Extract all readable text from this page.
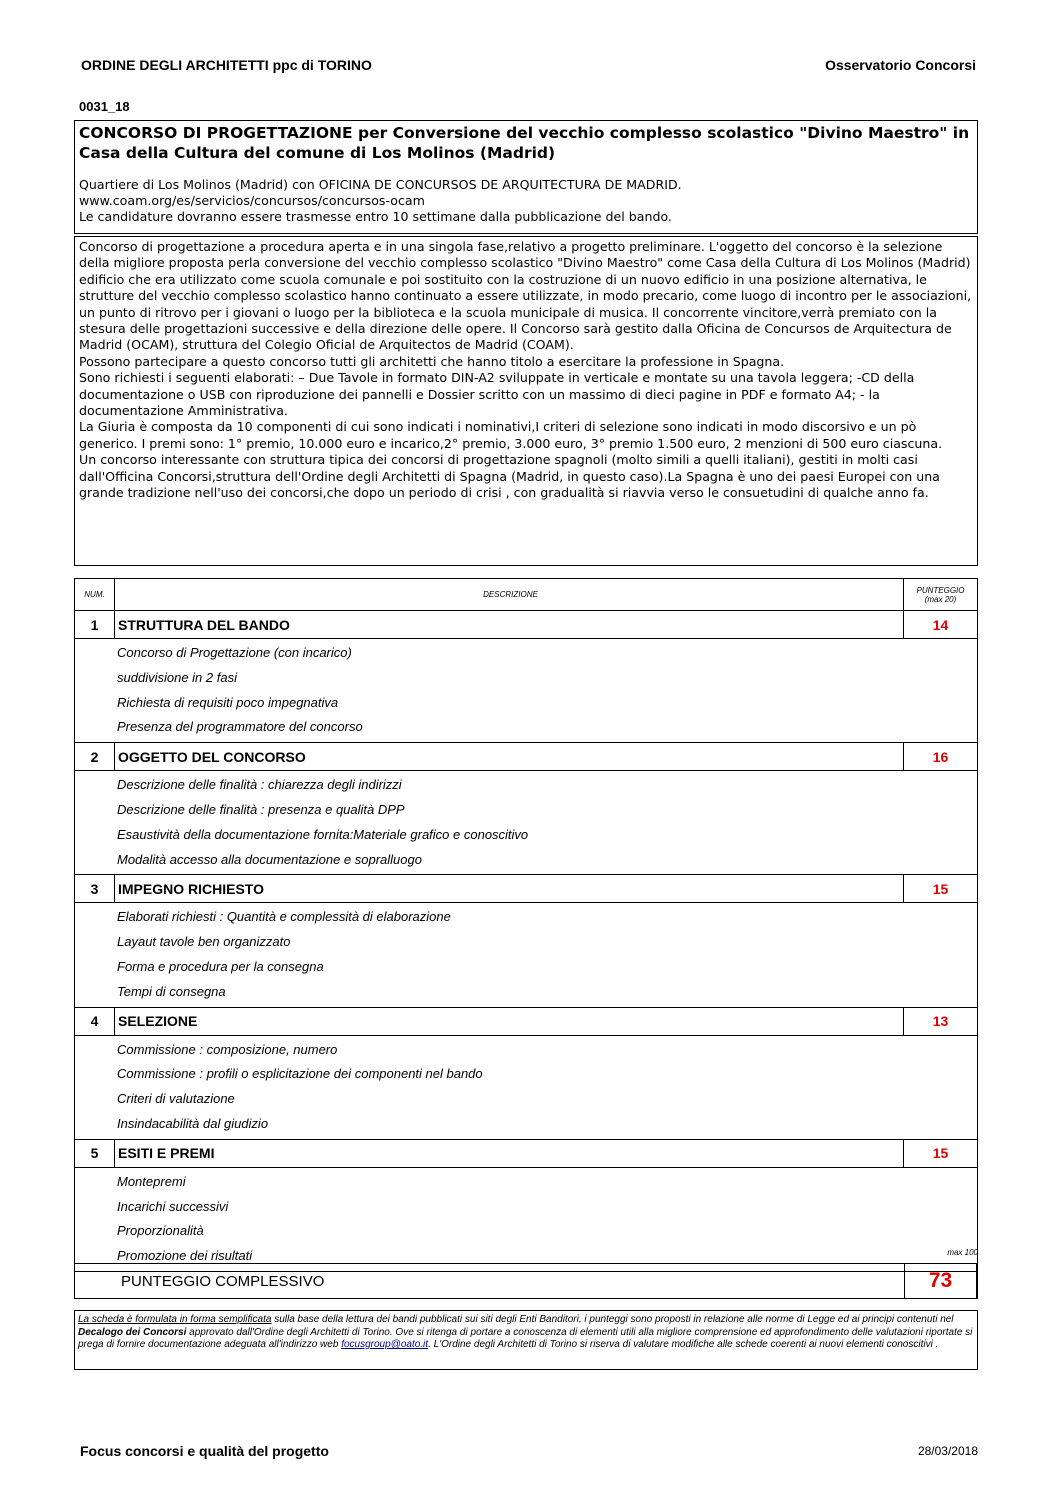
ORDINE DEGLI ARCHITETTI ppc di TORINO	Osservatorio Concorsi
0031_18
CONCORSO DI PROGETTAZIONE per Conversione del vecchio complesso scolastico "Divino Maestro" in Casa della Cultura del comune di Los Molinos (Madrid)
Quartiere di Los Molinos (Madrid) con OFICINA DE CONCURSOS DE ARQUITECTURA DE MADRID.
www.coam.org/es/servicios/concursos/concursos-ocam
Le candidature dovranno essere trasmesse entro 10 settimane dalla pubblicazione del bando.

Concorso di progettazione a procedura aperta e in una singola fase,relativo a progetto preliminare. L'oggetto del concorso è la selezione della migliore proposta perla conversione del vecchio complesso scolastico "Divino Maestro" come Casa della Cultura di Los Molinos (Madrid) edificio che era utilizzato come scuola comunale e poi sostituito con la costruzione di un nuovo edificio in una posizione alternativa, le strutture del vecchio complesso scolastico hanno continuato a essere utilizzate, in modo precario, come luogo di incontro per le associazioni, un punto di ritrovo per i giovani o luogo per la biblioteca e la scuola municipale di musica. Il concorrente vincitore,verrà premiato con la stesura delle progettazioni successive e della direzione delle opere. Il Concorso sarà gestito dalla Oficina de Concursos de Arquitectura de Madrid (OCAM), struttura del Colegio Oficial de Arquitectos de Madrid (COAM).

Possono partecipare a questo concorso tutti gli architetti che hanno titolo a esercitare la professione in Spagna.

Sono richiesti i seguenti elaborati: – Due Tavole in formato DIN-A2 sviluppate in verticale e montate su una tavola leggera; -CD della documentazione o USB con riproduzione dei pannelli e Dossier scritto con un massimo di dieci pagine in PDF e formato A4; - la documentazione Amministrativa.

La Giuria è composta da 10 componenti di cui sono indicati i nominativi,I criteri di selezione sono indicati in modo discorsivo e un pò generico. I premi sono: 1° premio, 10.000 euro e incarico,2° premio, 3.000 euro, 3° premio 1.500 euro, 2 menzioni di 500 euro ciascuna.

Un concorso interessante con struttura tipica dei concorsi di progettazione spagnoli (molto simili a quelli italiani), gestiti in molti casi dall'Officina Concorsi,struttura dell'Ordine degli Architetti di Spagna (Madrid, in questo caso).La Spagna è uno dei paesi Europei con una grande tradizione nell'uso dei concorsi,che dopo un periodo di crisi , con gradualità si riavvia verso le consuetudini di qualche anno fa.

NUM.	DESCRIZIONE	PUNTEGGIO
(max 20)
1	STRUTTURA DEL BANDO	14
Concorso di Progettazione (con incarico)
suddivisione in 2 fasi
Richiesta di requisiti poco impegnativa
Presenza del programmatore del concorso
2	OGGETTO DEL CONCORSO	16
Descrizione delle finalità : chiarezza degli indirizzi
Descrizione delle finalità : presenza e qualità DPP
Esaustività della documentazione fornita:Materiale grafico e conoscitivo
Modalità accesso alla documentazione e sopralluogo
3	IMPEGNO RICHIESTO	15
Elaborati richiesti : Quantità e complessità di elaborazione
Layaut tavole ben organizzato
Forma e procedura per la consegna
Tempi di consegna
4	SELEZIONE	13
Commissione : composizione, numero
Commissione : profili o esplicitazione dei componenti nel bando
Criteri di valutazione
Insindacabilità dal giudizio
5	ESITI E PREMI	15
Montepremi
Incarichi successivi
Proporzionalità
Promozione dei risultati	max 100
PUNTEGGIO COMPLESSIVO	73
La scheda è formulata in forma semplificata sulla base della lettura dei bandi pubblicati sui siti degli Enti Banditori, i punteggi sono proposti in relazione alle norme di Legge ed ai principi contenuti nel Decalogo dei Concorsi approvato dall'Ordine degli Architetti di Torino. Ove si ritenga di portare a conoscenza di elementi utili alla migliore comprensione ed approfondimento delle valutazioni riportate si prega di fornire documentazione adeguata all'indirizzo web focusgroup@oato.it. L'Ordine degli Architetti di Torino si riserva di valutare modifiche alle schede coerenti ai nuovi elementi conoscitivi .
Focus concorsi e qualità del progetto	28/03/2018
